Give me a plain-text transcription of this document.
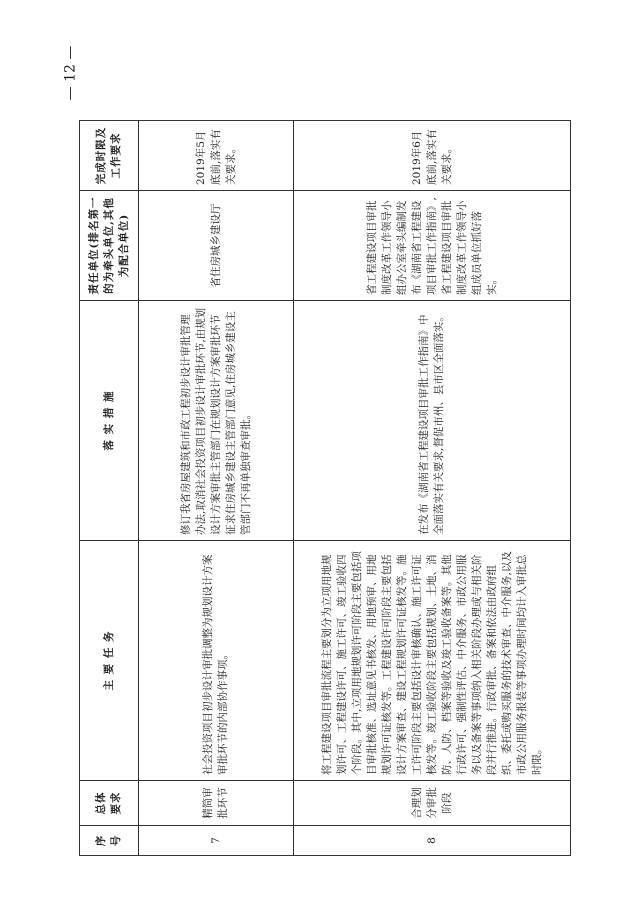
序号	总体要求	主 要 任 务	落 实 措 施	责任单位(排名第一的为牵头单位,其他为配合单位)	完成时限及工作要求
7	精简审批环节	社会投资项目初步设计审批调整为规划设计方案审批环节的内部协作事项。	修订我省房屋建筑和市政工程初步设计审批管理办法,取消社会投资项目初步设计审批环节,由规划设计方案审批主管部门在规划设计方案审批环节征求住房城乡建设主管部门意见,住房城乡建设主管部门不再单独审查审批。	省住房城乡建设厅	2019年5月底前,落实有关要求。
8	合理划分审批阶段	将工程建设项目审批流程主要划分为立项用地规划许可、工程建设许可、施工许可、竣工验收四个阶段。其中,立项用地规划许可阶段主要包括项目审批核准、选址意见书核发、用地预审、用地规划许可证核发等。工程建设许可阶段主要包括设计方案审查、建设工程规划许可证核发等。施工许可阶段主要包括设计审核确认、施工许可证核发等。竣工验收阶段主要包括规划、土地、消防、人防、档案等验收及竣工验收备案等。其他行政许可、强制性评估、中介服务、市政公用服务以及备案等事项纳入相关阶段办理或与相关阶段并行推进。行政审批、备案和依法由政府组织、委托或购买服务的技术审查、中介服务,以及市政公用服务报装等事项办理时间均计入审批总时限。	在发布《湖南省工程建设项目审批工作指南》中全面落实有关要求,督促市州、县市区全面落实。	省工程建设项目审批制度改革工作领导小组办公室牵头编制发布《湖南省工程建设项目审批工作指南》,省工程建设项目审批制度改革工作领导小组成员单位抓好落实。	2019年6月底前,落实有关要求。
— 12 —
